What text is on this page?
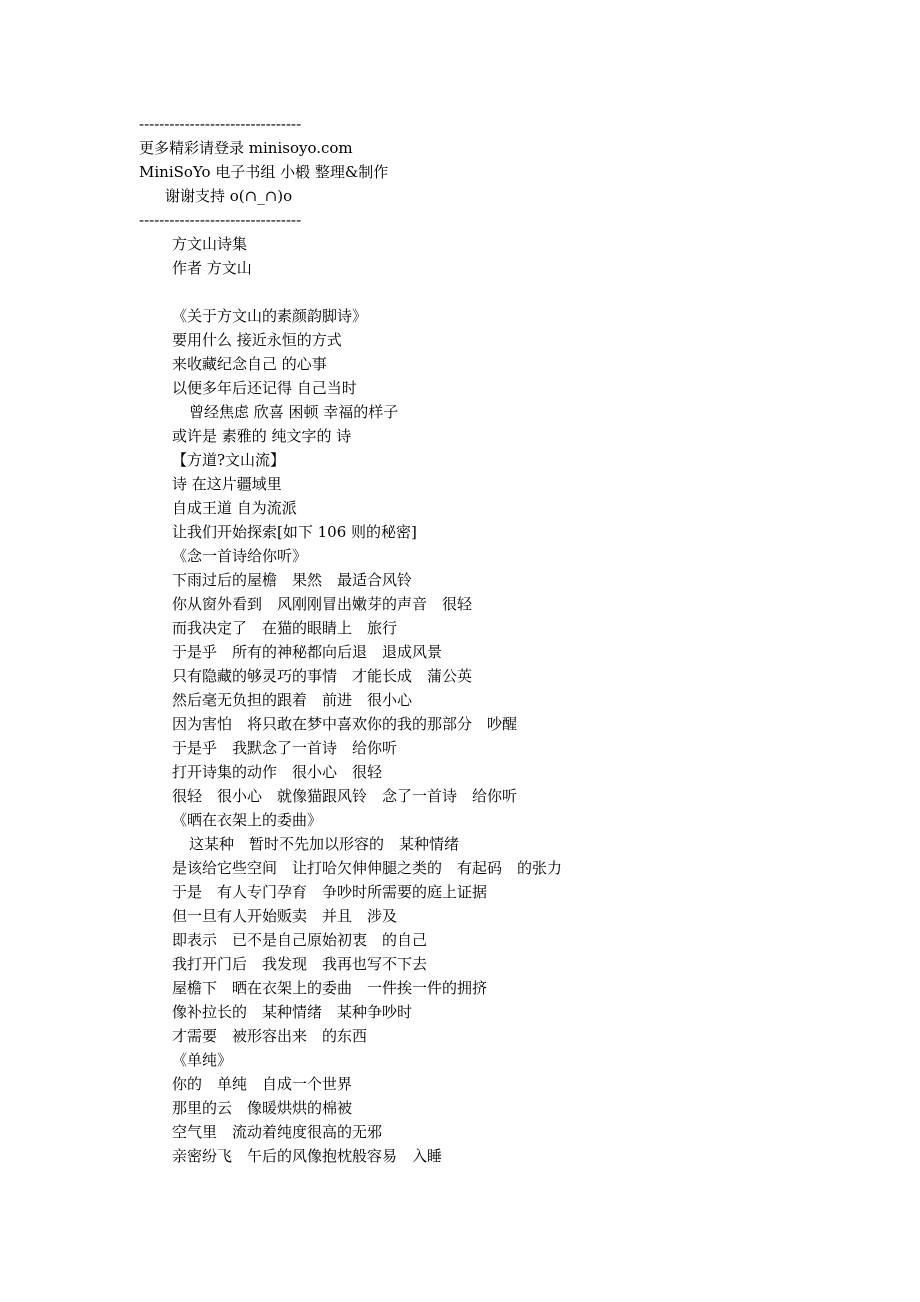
--------------------------------
更多精彩请登录 minisoyo.com
MiniSoYo 电子书组 小椴 整理&制作
谢谢支持 o(∩_∩)o
--------------------------------
方文山诗集
作者 方文山
《关于方文山的素颜韵脚诗》
要用什么 接近永恒的方式
来收藏纪念自己 的心事
以便多年后还记得 自己当时
曾经焦虑 欣喜 困顿 幸福的样子
或许是 素雅的 纯文字的 诗
【方道?文山流】
诗 在这片疆域里
自成王道 自为流派
让我们开始探索[如下 106 则的秘密]
《念一首诗给你听》
下雨过后的屋檐　果然　最适合风铃
你从窗外看到　风刚刚冒出嫩芽的声音　很轻
而我决定了　在猫的眼睛上　旅行
于是乎　所有的神秘都向后退　退成风景
只有隐藏的够灵巧的事情　才能长成　蒲公英
然后毫无负担的跟着　前进　很小心
因为害怕　将只敢在梦中喜欢你的我的那部分　吵醒
于是乎　我默念了一首诗　给你听
打开诗集的动作　很小心　很轻
很轻　很小心　就像猫跟风铃　念了一首诗　给你听
《晒在衣架上的委曲》
这某种　暂时不先加以形容的　某种情绪
是该给它些空间　让打哈欠伸伸腿之类的　有起码　的张力
于是　有人专门孕育　争吵时所需要的庭上证据
但一旦有人开始贩卖　并且　涉及
即表示　已不是自己原始初衷　的自己
我打开门后　我发现　我再也写不下去
屋檐下　晒在衣架上的委曲　一件挨一件的拥挤
像补拉长的　某种情绪　某种争吵时
才需要　被形容出来　的东西
《单纯》
你的　单纯　自成一个世界
那里的云　像暖烘烘的棉被
空气里　流动着纯度很高的无邪
亲密纷飞　午后的风像抱枕般容易　入睡
